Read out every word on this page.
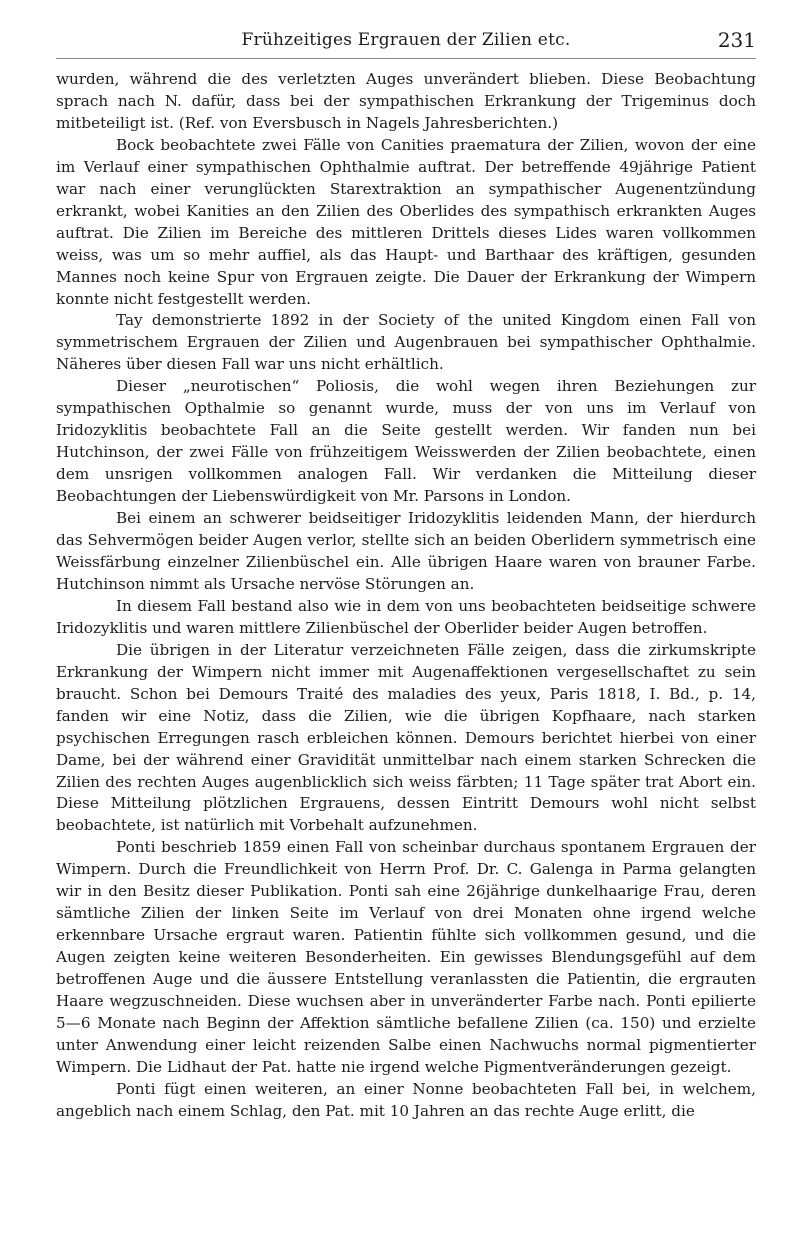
Frühzeitiges Ergrauen der Zilien etc.	231

wurden, während die des verletzten Auges unverändert blieben. Diese Beobachtung sprach nach N. dafür, dass bei der sympathischen Erkrankung der Trigeminus doch mitbeteiligt ist. (Ref. von Eversbusch in Nagels Jahresberichten.)

Bock beobachtete zwei Fälle von Canities praematura der Zilien, wovon der eine im Verlauf einer sympathischen Ophthalmie auftrat. Der betreffende 49jährige Patient war nach einer verunglückten Starextraktion an sympathischer Augenentzündung erkrankt, wobei Kanities an den Zilien des Oberlides des sympathisch erkrankten Auges auftrat. Die Zilien im Bereiche des mittleren Drittels dieses Lides waren vollkommen weiss, was um so mehr auffiel, als das Haupt- und Barthaar des kräftigen, gesunden Mannes noch keine Spur von Ergrauen zeigte. Die Dauer der Erkrankung der Wimpern konnte nicht festgestellt werden.

Tay demonstrierte 1892 in der Society of the united Kingdom einen Fall von symmetrischem Ergrauen der Zilien und Augenbrauen bei sympathischer Ophthalmie. Näheres über diesen Fall war uns nicht erhältlich.

Dieser „neurotischen“ Poliosis, die wohl wegen ihren Beziehungen zur sympathischen Opthalmie so genannt wurde, muss der von uns im Verlauf von Iridozyklitis beobachtete Fall an die Seite gestellt werden. Wir fanden nun bei Hutchinson, der zwei Fälle von frühzeitigem Weisswerden der Zilien beobachtete, einen dem unsrigen vollkommen analogen Fall. Wir verdanken die Mitteilung dieser Beobachtungen der Liebenswürdigkeit von Mr. Parsons in London.

Bei einem an schwerer beidseitiger Iridozyklitis leidenden Mann, der hierdurch das Sehvermögen beider Augen verlor, stellte sich an beiden Oberlidern symmetrisch eine Weissfärbung einzelner Zilienbüschel ein. Alle übrigen Haare waren von brauner Farbe. Hutchinson nimmt als Ursache nervöse Störungen an.

In diesem Fall bestand also wie in dem von uns beobachteten beidseitige schwere Iridozyklitis und waren mittlere Zilienbüschel der Oberlider beider Augen betroffen.

Die übrigen in der Literatur verzeichneten Fälle zeigen, dass die zirkumskripte Erkrankung der Wimpern nicht immer mit Augenaffektionen vergesellschaftet zu sein braucht. Schon bei Demours Traité des maladies des yeux, Paris 1818, I. Bd., p. 14, fanden wir eine Notiz, dass die Zilien, wie die übrigen Kopfhaare, nach starken psychischen Erregungen rasch erbleichen können. Demours berichtet hierbei von einer Dame, bei der während einer Gravidität unmittelbar nach einem starken Schrecken die Zilien des rechten Auges augenblicklich sich weiss färbten; 11 Tage später trat Abort ein. Diese Mitteilung plötzlichen Ergrauens, dessen Eintritt Demours wohl nicht selbst beobachtete, ist natürlich mit Vorbehalt aufzunehmen.

Ponti beschrieb 1859 einen Fall von scheinbar durchaus spontanem Ergrauen der Wimpern. Durch die Freundlichkeit von Herrn Prof. Dr. C. Galenga in Parma gelangten wir in den Besitz dieser Publikation. Ponti sah eine 26jährige dunkelhaarige Frau, deren sämtliche Zilien der linken Seite im Verlauf von drei Monaten ohne irgend welche erkennbare Ursache ergraut waren. Patientin fühlte sich vollkommen gesund, und die Augen zeigten keine weiteren Besonderheiten. Ein gewisses Blendungsgefühl auf dem betroffenen Auge und die äussere Entstellung veranlassten die Patientin, die ergrauten Haare wegzuschneiden. Diese wuchsen aber in unveränderter Farbe nach. Ponti epilierte 5—6 Monate nach Beginn der Affektion sämtliche befallene Zilien (ca. 150) und erzielte unter Anwendung einer leicht reizenden Salbe einen Nachwuchs normal pigmentierter Wimpern. Die Lidhaut der Pat. hatte nie irgend welche Pigmentveränderungen gezeigt.

Ponti fügt einen weiteren, an einer Nonne beobachteten Fall bei, in welchem, angeblich nach einem Schlag, den Pat. mit 10 Jahren an das rechte Auge erlitt, die
